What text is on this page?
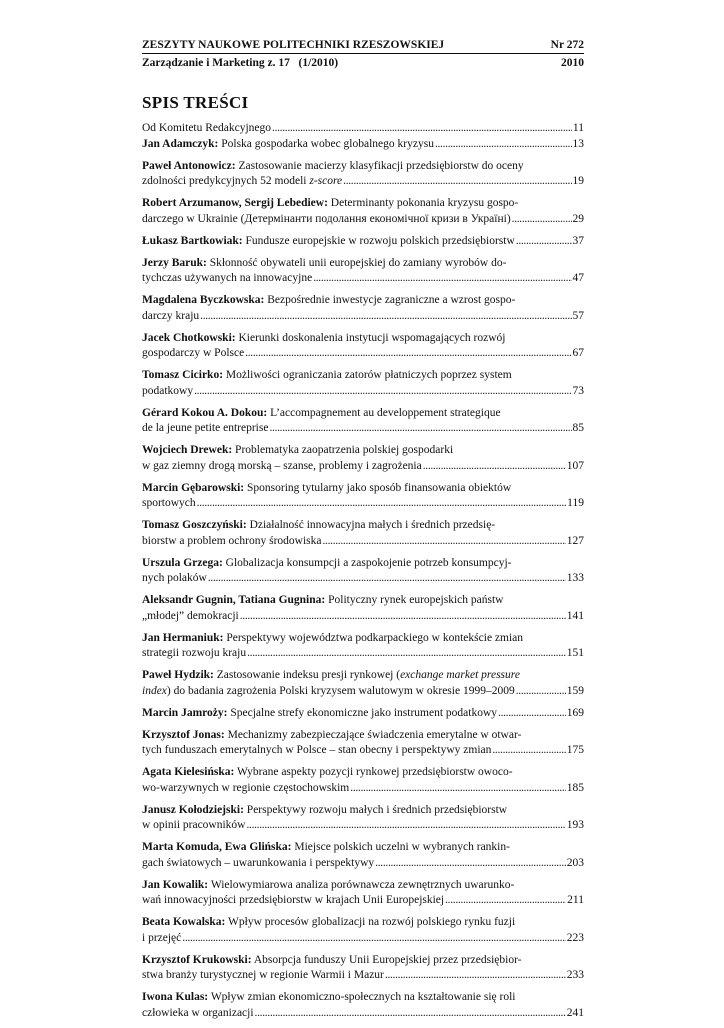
ZESZYTY NAUKOWE POLITECHNIKI RZESZOWSKIEJ	Nr 272
Zarządzanie i Marketing z. 17   (1/2010)	2010
SPIS TREŚCI
Od Komitetu Redakcyjnego . . .	11
Jan Adamczyk: Polska gospodarka wobec globalnego kryzysu . . .	13
Paweł Antonowicz: Zastosowanie macierzy klasyfikacji przedsiębiorstw do oceny
zdolności predykcyjnych 52 modeli z-score . . .	19
Robert Arzumanow, Sergij Lebediew: Determinanty pokonania kryzysu gospo-
darczego w Ukrainie (Детермінанти подолання економічної кризи в Україні) . . .	29
Łukasz Bartkowiak: Fundusze europejskie w rozwoju polskich przedsiębiorstw . . .	37
Jerzy Baruk: Skłonność obywateli unii europejskiej do zamiany wyrobów do-
tychczas używanych na innowacyjne . . .	47
Magdalena Byczkowska: Bezpośrednie inwestycje zagraniczne a wzrost gospo-
darczy kraju . . .	57
Jacek Chotkowski: Kierunki doskonalenia instytucji wspomagających rozwój
gospodarczy w Polsce . . .	67
Tomasz Cicirko: Możliwości ograniczania zatorów płatniczych poprzez system
podatkowy . . .	73
Gérard Kokou A. Dokou: L’accompagnement au developpement strategique
de la jeune petite entreprise . . .	85
Wojciech Drewek: Problematyka zaopatrzenia polskiej gospodarki
w gaz ziemny drogą morską – szanse, problemy i zagrożenia . . .	107
Marcin Gębarowski: Sponsoring tytularny jako sposób finansowania obiektów
sportowych . . .	119
Tomasz Goszczyński: Działalność innowacyjna małych i średnich przedsię-
biorstw a problem ochrony środowiska . . .	127
Urszula Grzega: Globalizacja konsumpcji a zaspokojenie potrzeb konsumpcyj-
nych polaków . . .	133
Aleksandr Gugnin, Tatiana Gugnina: Polityczny rynek europejskich państw
„młodej” demokracji . . .	141
Jan Hermaniuk: Perspektywy województwa podkarpackiego w kontekście zmian
strategii rozwoju kraju . . .	151
Paweł Hydzik: Zastosowanie indeksu presji rynkowej (exchange market pressure
index) do badania zagrożenia Polski kryzysem walutowym w okresie 1999–2009 . . .	159
Marcin Jamroży: Specjalne strefy ekonomiczne jako instrument podatkowy . . .	169
Krzysztof Jonas: Mechanizmy zabezpieczające świadczenia emerytalne w otwar-
tych funduszach emerytalnych w Polsce – stan obecny i perspektywy zmian . . .	175
Agata Kielesińska: Wybrane aspekty pozycji rynkowej przedsiębiorstw owoco-
wo-warzywnych w regionie częstochowskim . . .	185
Janusz Kołodziejski: Perspektywy rozwoju małych i średnich przedsiębiorstw
w opinii pracowników . . .	193
Marta Komuda, Ewa Glińska: Miejsce polskich uczelni w wybranych rankin-
gach światowych – uwarunkowania i perspektywy . . .	203
Jan Kowalik: Wielowymiarowa analiza porównawcza zewnętrznych uwarunko-
wań innowacyjności przedsiębiorstw w krajach Unii Europejskiej . . .	211
Beata Kowalska: Wpływ procesów globalizacji na rozwój polskiego rynku fuzji
i przejęć . . .	223
Krzysztof Krukowski: Absorpcja funduszy Unii Europejskiej przez przedsiębior-
stwa branży turystycznej w regionie Warmii i Mazur . . .	233
Iwona Kulas: Wpływ zmian ekonomiczno-społecznych na kształtowanie się roli
człowieka w organizacji . . .	241
